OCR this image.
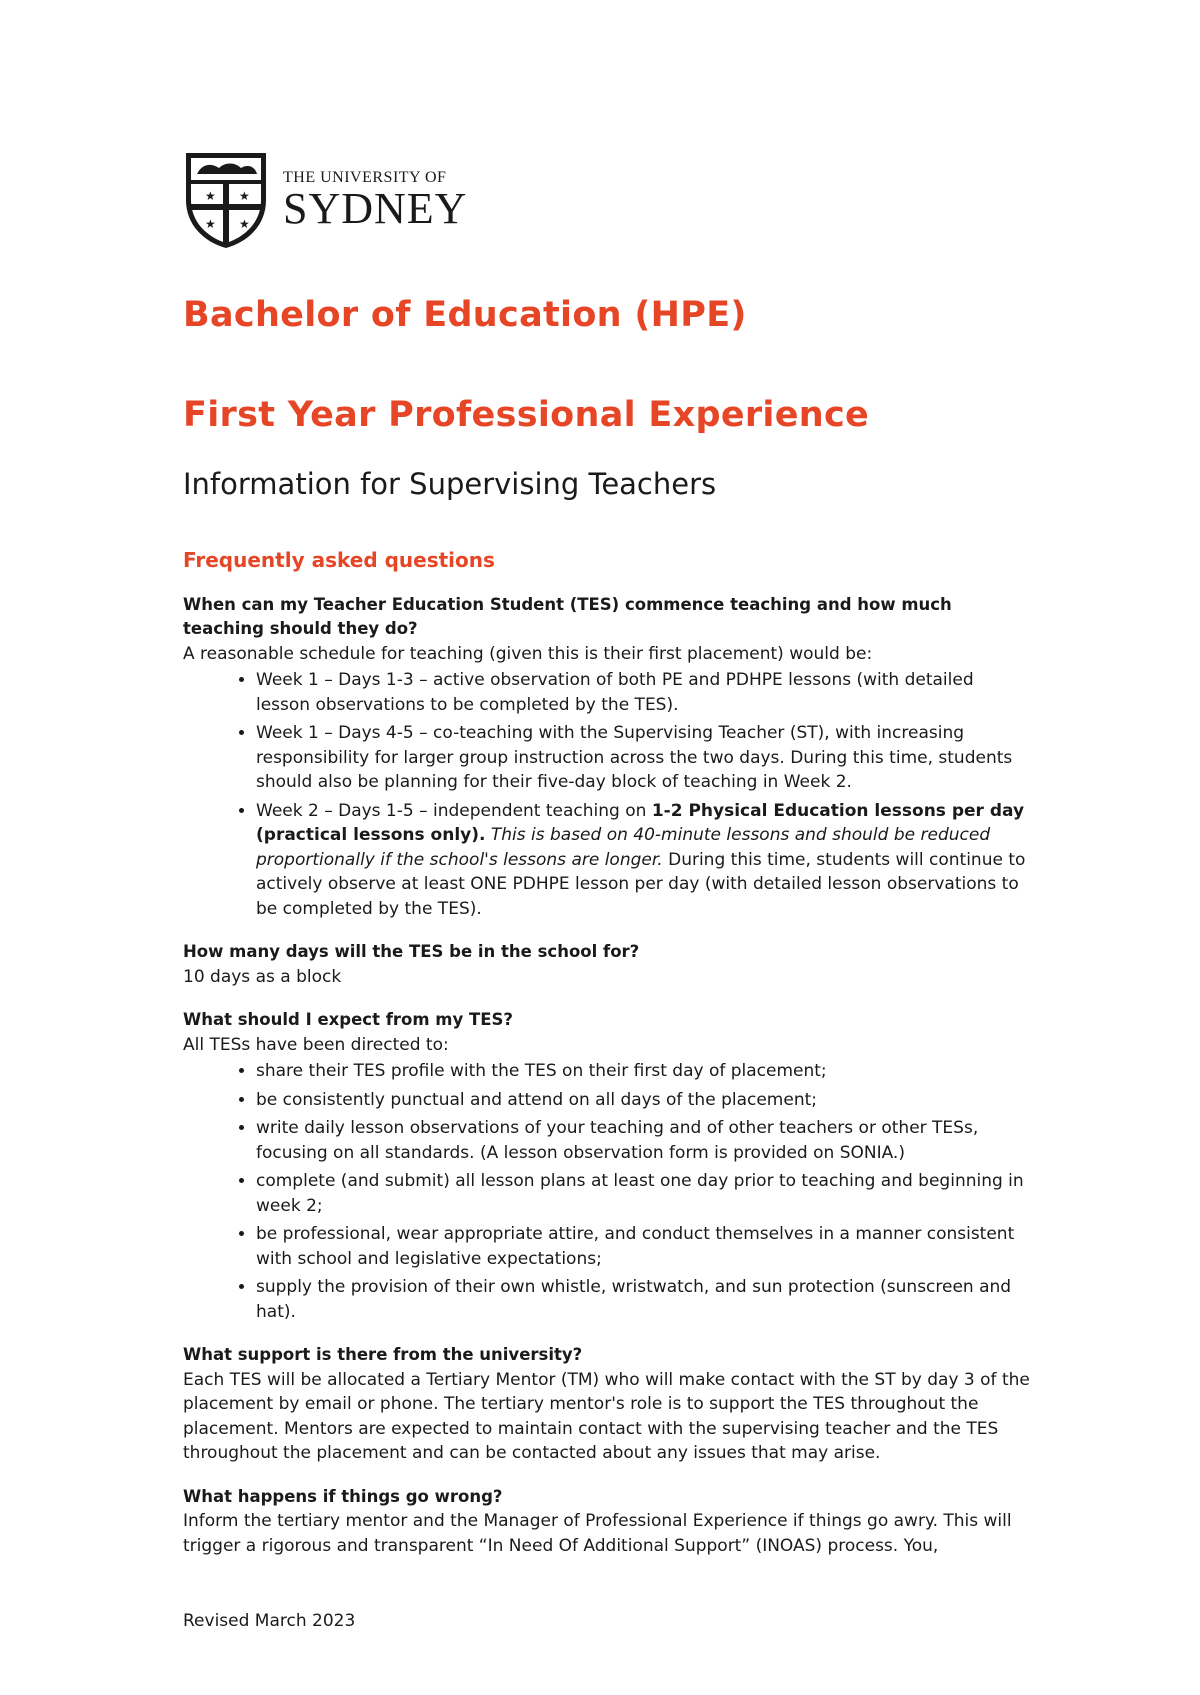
★ ★
★ ★
THE UNIVERSITY OF
SYDNEY
Bachelor of Education (HPE)
First Year Professional Experience
Information for Supervising Teachers
Frequently asked questions

When can my Teacher Education Student (TES) commence teaching and how much teaching should they do?

A reasonable schedule for teaching (given this is their first placement) would be:

• Week 1 – Days 1-3 – active observation of both PE and PDHPE lessons (with detailed lesson observations to be completed by the TES).
• Week 1 – Days 4-5 – co-teaching with the Supervising Teacher (ST), with increasing responsibility for larger group instruction across the two days. During this time, students should also be planning for their five-day block of teaching in Week 2.
• Week 2 – Days 1-5 – independent teaching on 1-2 Physical Education lessons per day (practical lessons only). This is based on 40-minute lessons and should be reduced proportionally if the school's lessons are longer. During this time, students will continue to actively observe at least ONE PDHPE lesson per day (with detailed lesson observations to be completed by the TES).

How many days will the TES be in the school for?

10 days as a block

What should I expect from my TES?

All TESs have been directed to:

• share their TES profile with the TES on their first day of placement;
• be consistently punctual and attend on all days of the placement;
• write daily lesson observations of your teaching and of other teachers or other TESs, focusing on all standards. (A lesson observation form is provided on SONIA.)
• complete (and submit) all lesson plans at least one day prior to teaching and beginning in week 2;
• be professional, wear appropriate attire, and conduct themselves in a manner consistent with school and legislative expectations;
• supply the provision of their own whistle, wristwatch, and sun protection (sunscreen and hat).

What support is there from the university?

Each TES will be allocated a Tertiary Mentor (TM) who will make contact with the ST by day 3 of the placement by email or phone. The tertiary mentor's role is to support the TES throughout the placement. Mentors are expected to maintain contact with the supervising teacher and the TES throughout the placement and can be contacted about any issues that may arise.

What happens if things go wrong?

Inform the tertiary mentor and the Manager of Professional Experience if things go awry. This will trigger a rigorous and transparent “In Need Of Additional Support” (INOAS) process. You,

Revised March 2023
